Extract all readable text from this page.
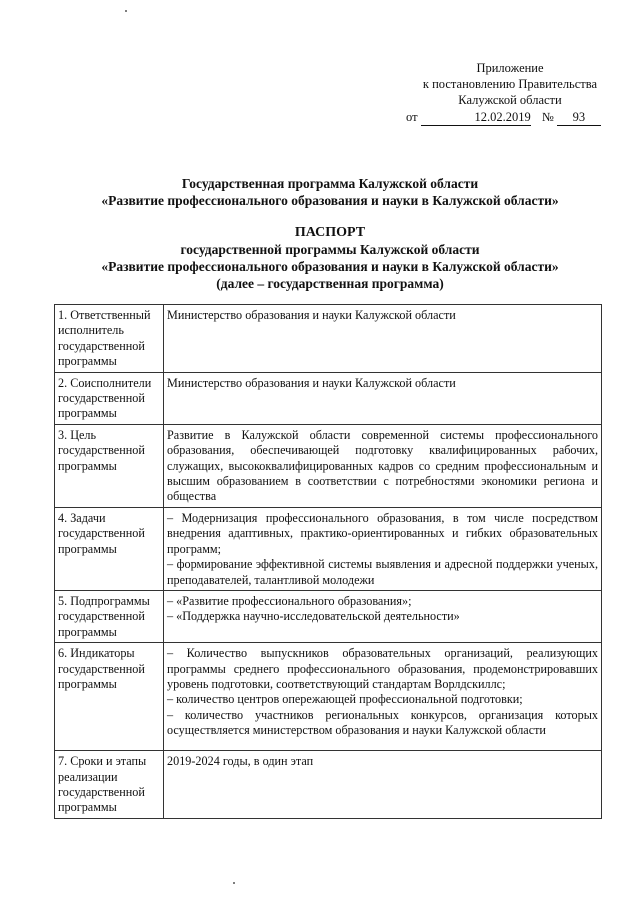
Приложение
к постановлению Правительства
Калужской области
от	12.02.2019 № 93
Государственная программа Калужской области
«Развитие профессионального образования и науки в Калужской области»
ПАСПОРТ
государственной программы Калужской области
«Развитие профессионального образования и науки в Калужской области»
(далее – государственная программа)
1. Ответственный исполнитель государственной программы	Министерство образования и науки Калужской области
2. Соисполнители государственной программы	Министерство образования и науки Калужской области
3. Цель государственной программы	Развитие в Калужской области современной системы профессионального образования, обеспечивающей подготовку квалифицированных рабочих, служащих, высококвалифицированных кадров со средним профессиональным и высшим образованием в соответствии с потребностями экономики региона и общества
4. Задачи государственной программы	– Модернизация профессионального образования, в том числе посредством внедрения адаптивных, практико-ориентированных и гибких образовательных программ;
– формирование эффективной системы выявления и адресной поддержки ученых, преподавателей, талантливой молодежи

5. Подпрограммы государственной программы	– «Развитие профессионального образования»;
– «Поддержка научно-исследовательской деятельности»

6. Индикаторы государственной программы	– Количество выпускников образовательных организаций, реализующих программы среднего профессионального образования, продемонстрировавших уровень подготовки, соответствующий стандартам Ворлдскиллс;
– количество центров опережающей профессиональной подготовки;
– количество участников региональных конкурсов, организация которых осуществляется министерством образования и науки Калужской области

7. Сроки и этапы реализации государственной программы	2019-2024 годы, в один этап
